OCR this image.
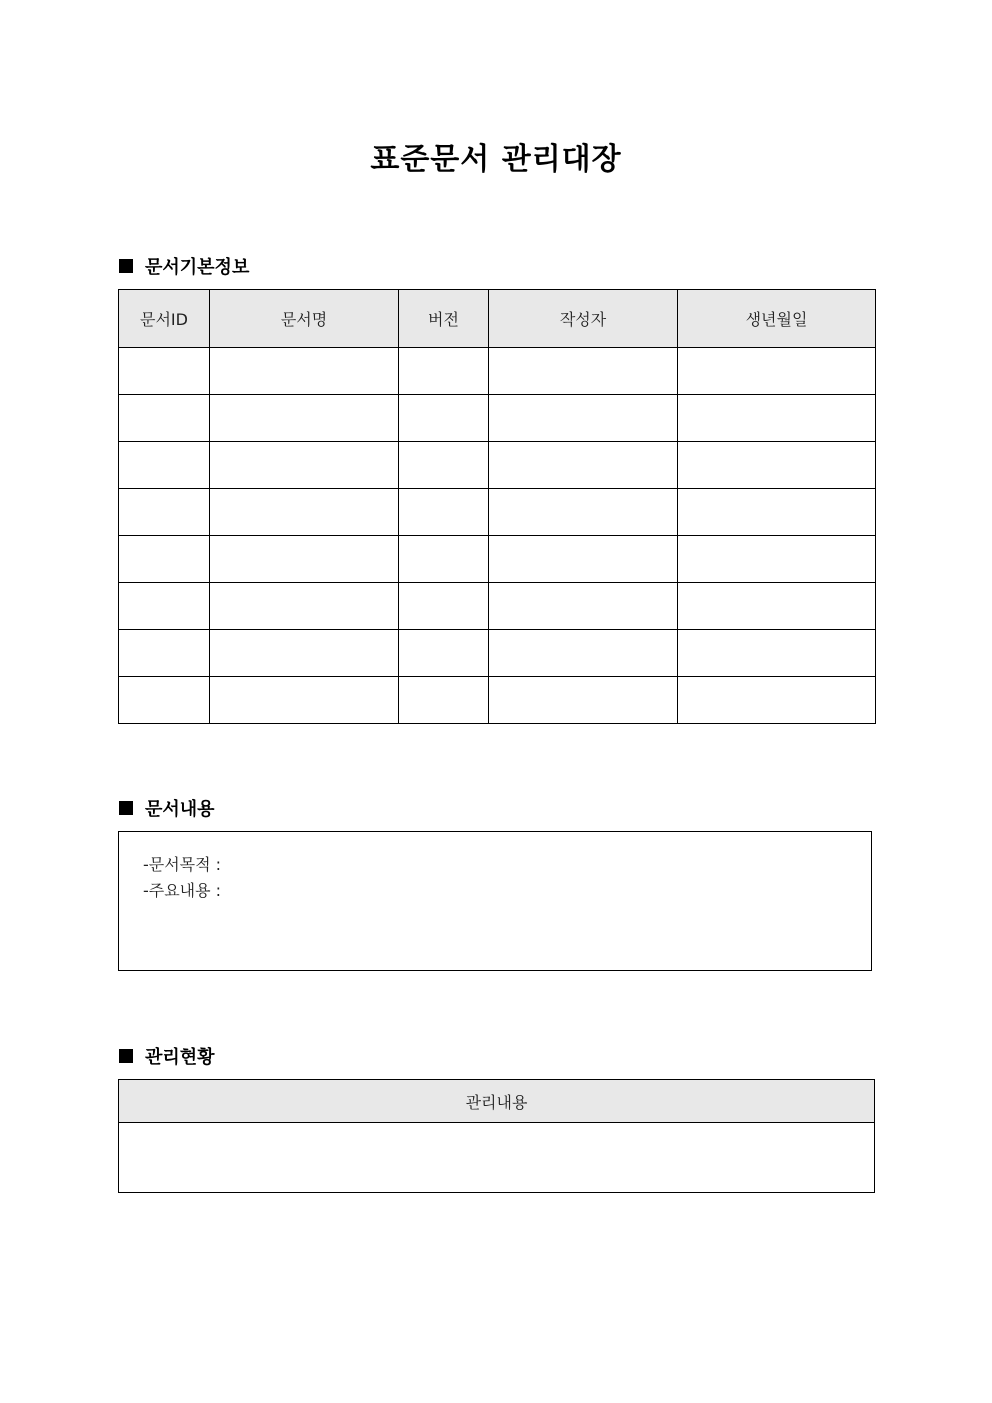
표준문서 관리대장
문서기본정보
문서ID	문서명	버전	작성자	생년월일

문서내용
-문서목적 :
-주요내용 :
관리현황
관리내용
